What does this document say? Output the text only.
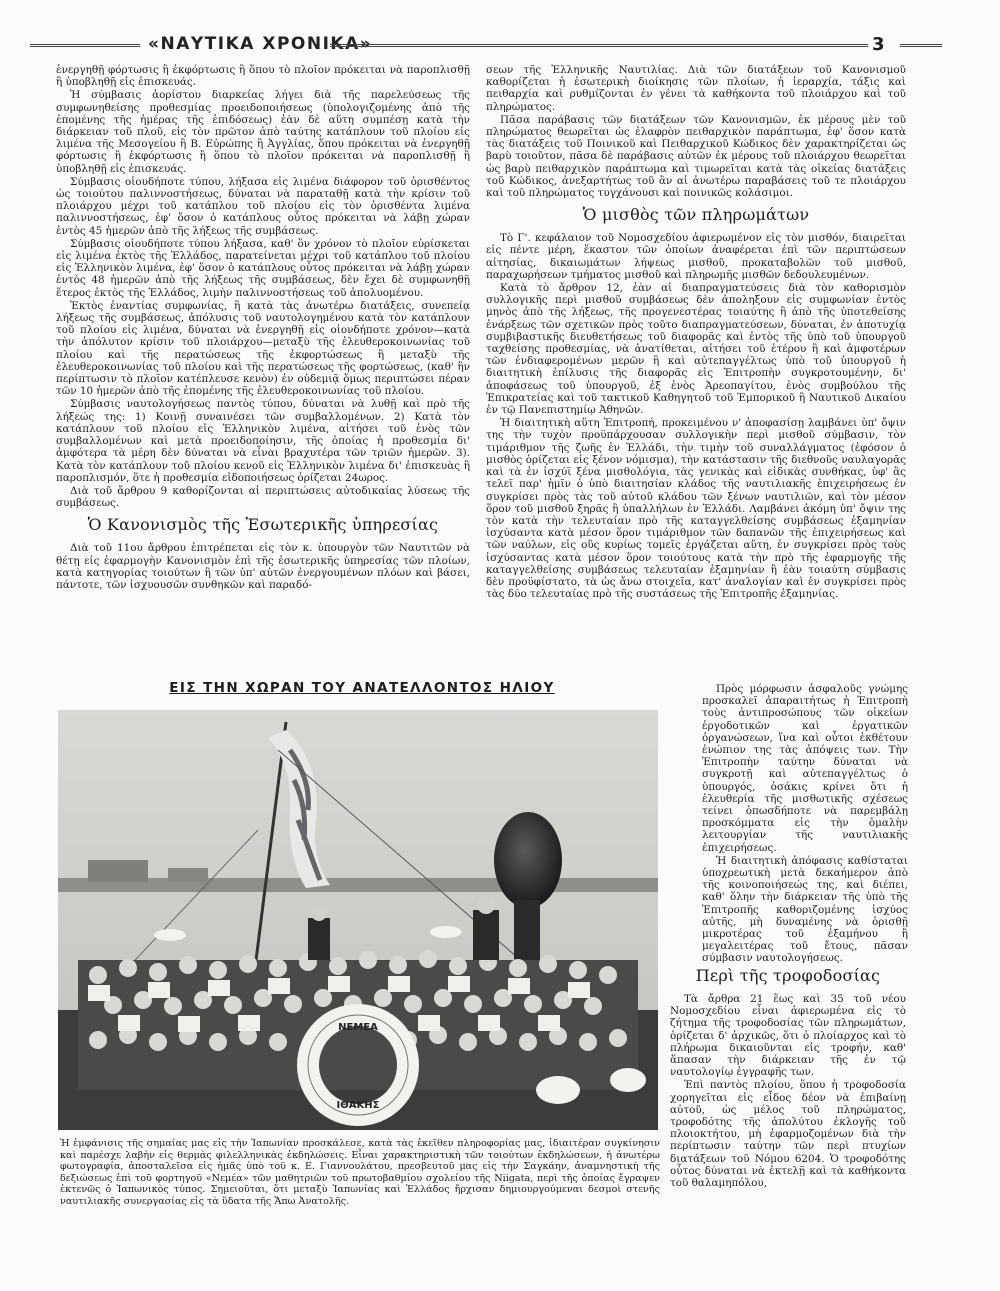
«ΝΑΥΤΙΚΑ ΧΡΟΝΙΚΑ»	3

ἐνεργηθῇ φόρτωσις ἢ ἐκφόρτωσις ἢ ὅπου τὸ πλοῖον πρόκειται νὰ παροπλισθῇ ἢ ὑποβληθῇ εἰς ἐπισκευάς.

Ἡ σύμβασις ἀορίστου διαρκείας λήγει διὰ τῆς παρελεύσεως τῆς συμφωνηθείσης προθεσμίας προειδοποιήσεως (ὑπολογιζομένης ἀπὸ τῆς ἐπομένης τῆς ἡμέρας τῆς ἐπιδόσεως) ἐὰν δὲ αὕτη συμπέσῃ κατὰ τὴν διάρκειαν τοῦ πλοῦ, εἰς τὸν πρῶτον ἀπὸ ταύτης κατάπλουν τοῦ πλοίου εἰς λιμένα τῆς Μεσογείου ἢ Β. Εὐρώπης ἢ Ἀγγλίας, ὅπου πρόκειται νὰ ἐνεργηθῇ φόρτωσις ἢ ἐκφόρτωσις ἢ ὅπου τὸ πλοῖον πρόκειται νὰ παροπλισθῇ ἢ ὑποβληθῇ εἰς ἐπισκευάς.

Σύμβασις οἱουδήποτε τύπου, λήξασα εἰς λιμένα διάφορον τοῦ ὁρισθέντος ὡς τοιούτου παλιννοστήσεως, δύναται νὰ παραταθῇ κατὰ τὴν κρίσιν τοῦ πλοιάρχου μέχρι τοῦ κατάπλου τοῦ πλοίου εἰς τὸν ὁρισθέντα λιμένα παλιννοστήσεως, ἐφ' ὅσον ὁ κατάπλους οὗτος πρόκειται νὰ λάβῃ χώραν ἐντὸς 45 ἡμερῶν ἀπὸ τῆς λήξεως τῆς συμβάσεως.

Σύμβασις οἱουδήποτε τύπου λήξασα, καθ' ὃν χρόνον τὸ πλοῖον εὑρίσκεται εἰς λιμένα ἐκτὸς τῆς Ἑλλάδος, παρατείνεται μέχρι τοῦ κατάπλου τοῦ πλοίου εἰς Ἑλληνικὸν λιμένα, ἐφ' ὅσον ὁ κατάπλους οὗτος πρόκειται νὰ λάβῃ χώραν ἐντὸς 48 ἡμερῶν ἀπὸ τῆς λήξεως τῆς συμβάσεως, δὲν ἔχει δὲ συμφωνηθῇ ἕτερος ἐκτὸς τῆς Ἑλλάδος, λιμὴν παλιννοστήσεως τοῦ ἀπολυομένου.

Ἐκτὸς ἐναντίας συμφωνίας, ἢ κατὰ τὰς ἀνωτέρω διατάξεις, συνεπείᾳ λήξεως τῆς συμβάσεως, ἀπόλυσις τοῦ ναυτολογημένου κατὰ τὸν κατάπλουν τοῦ πλοίου εἰς λιμένα, δύναται νὰ ἐνεργηθῇ εἰς οἱονδήποτε χρόνον—κατὰ τὴν ἀπόλυτον κρίσιν τοῦ πλοιάρχου—μεταξὺ τῆς ἐλευθεροκοινωνίας τοῦ πλοίου καὶ τῆς περατώσεως τῆς ἐκφορτώσεως ἢ μεταξὺ τῆς ἐλευθεροκοινωνίας τοῦ πλοίου καὶ τῆς περατώσεως τῆς φορτώσεως, (καθ' ἣν περίπτωσιν τὸ πλοῖον κατέπλευσε κενὸν) ἐν οὐδεμιᾷ ὅμως περιπτώσει πέραν τῶν 10 ἡμερῶν ἀπὸ τῆς ἐπομένης τῆς ἐλευθεροκοινωνίας τοῦ πλοίου.

Σύμβασις ναυτολογήσεως παντὸς τύπου, δύναται νὰ λυθῇ καὶ πρὸ τῆς λήξεώς της: 1) Κοινῇ συναινέσει τῶν συμβαλλομένων. 2) Κατὰ τὸν κατάπλουν τοῦ πλοίου εἰς Ἑλληνικὸν λιμένα, αἰτήσει τοῦ ἑνὸς τῶν συμβαλλομένων καὶ μετὰ προειδοποίησιν, τῆς ὁποίας ἡ προθεσμία δι' ἀμφότερα τὰ μέρη δὲν δύναται νὰ εἶναι βραχυτέρα τῶν τριῶν ἡμερῶν. 3). Κατὰ τὸν κατάπλουν τοῦ πλοίου κενοῦ εἰς Ἑλληνικὸν λιμένα δι' ἐπισκευὰς ἢ παροπλισμόν, ὅτε ἡ προθεσμία εἰδοποιήσεως ὁρίζεται 24ωρος.

Διὰ τοῦ ἄρθρου 9 καθορίζονται αἱ περιπτώσεις αὐτοδικαίας λύσεως τῆς συμβάσεως.

Ὁ Κανονισμὸς τῆς Ἐσωτερικῆς ὑπηρεσίας

Διὰ τοῦ 11ου ἄρθρου ἐπιτρέπεται εἰς τὸν κ. ὑπουργὸν τῶν Ναυτιτῶν νὰ θέτῃ εἰς ἐφαρμογὴν Κανονισμὸν ἐπὶ τῆς ἐσωτερικῆς ὑπηρεσίας τῶν πλοίων, κατὰ κατηγορίας τοιούτων ἢ τῶν ὑπ' αὐτῶν ἐνεργουμένων πλόων καὶ βάσει, πάντοτε, τῶν ἰσχυουσῶν συνθηκῶν καὶ παραδό-

σεων τῆς Ἑλληνικῆς Ναυτιλίας. Διὰ τῶν διατάξεων τοῦ Κανονισμοῦ καθορίζεται ἡ ἐσωτερικὴ διοίκησις τῶν πλοίων, ἡ ἱεραρχία, τάξις καὶ πειθαρχία καὶ ρυθμίζονται ἐν γένει τὰ καθήκοντα τοῦ πλοιάρχου καὶ τοῦ πληρώματος.

Πᾶσα παράβασις τῶν διατάξεων τῶν Κανονισμῶν, ἐκ μέρους μὲν τοῦ πληρώματος θεωρεῖται ὡς ἐλαφρὸν πειθαρχικὸν παράπτωμα, ἐφ' ὅσον κατὰ τὰς διατάξεις τοῦ Ποινικοῦ καὶ Πειθαρχικοῦ Κώδικος δὲν χαρακτηρίζεται ὡς βαρὺ τοιοῦτον, πᾶσα δὲ παράβασις αὐτῶν ἐκ μέρους τοῦ πλοιάρχου θεωρεῖται ὡς βαρὺ πειθαρχικὸν παράπτωμα καὶ τιμωρεῖται κατὰ τὰς οἰκείας διατάξεις τοῦ Κώδικος, ἀνεξαρτήτως τοῦ ἂν αἱ ἀνωτέρω παραβάσεις τοῦ τε πλοιάρχου καὶ τοῦ πληρώματος τυγχάνουσι καὶ ποινικῶς κολάσιμοι.

Ὁ μισθὸς τῶν πληρωμάτων

Τὸ Γ'. κεφάλαιον τοῦ Νομοσχεδίου ἀφιερωμένον εἰς τὸν μισθόν, διαιρεῖται εἰς πέντε μέρη, ἕκαστον τῶν ὁποίων ἀναφέρεται ἐπὶ τῶν περιπτώσεων αἰτησίας, δικαιωμάτων λήψεως μισθοῦ, προκαταβολῶν τοῦ μισθοῦ, παραχωρήσεων τμήματος μισθοῦ καὶ πληρωμῆς μισθῶν δεδουλευμένων.

Κατὰ τὸ ἄρθρον 12, ἐὰν αἱ διαπραγματεύσεις διὰ τὸν καθορισμὸν συλλογικῆς περὶ μισθοῦ συμβάσεως δὲν ἀποληξουν εἰς συμφωνίαν ἐντὸς μηνὸς ἀπὸ τῆς λήξεως, τῆς προγενεστέρας τοιαύτης ἢ ἀπὸ τῆς ὑποτεθείσης ἐνάρξεως τῶν σχετικῶν πρὸς τοῦτο διαπραγματεύσεων, δύναται, ἐν ἀποτυχίᾳ συμβιβαστικῆς διευθετήσεως τοῦ διαφορᾶς καὶ ἐντὸς τῆς ὑπὸ τοῦ ὑπουργοῦ ταχθείσης προθεσμίας, νὰ ἀνατίθεται, αἰτήσει τοῦ ἑτέρου ἢ καὶ ἀμφοτέρων τῶν ἐνδιαφερομένων μερῶν ἢ καὶ αὐτεπαγγέλτως ὑπὸ τοῦ ὑπουργοῦ ἡ διαιτητικὴ ἐπίλυσις τῆς διαφορᾶς εἰς Ἐπιτροπὴν συγκροτουμένην, δι' ἀποφάσεως τοῦ ὑπουργοῦ, ἐξ ἑνὸς Ἀρεοπαγίτου, ἑνὸς συμβούλου τῆς Ἐπικρατείας καὶ τοῦ τακτικοῦ Καθηγητοῦ τοῦ Ἐμπορικοῦ ἢ Ναυτικοῦ Δικαίου ἐν τῷ Πανεπιστημίῳ Ἀθηνῶν.

Ἡ διαιτητικὴ αὕτη Ἐπιτροπή, προκειμένου ν' ἀποφασίσῃ λαμβάνει ὑπ' ὄψιν της τὴν τυχὸν προϋπάρχουσαν συλλογικὴν περὶ μισθοῦ σύμβασιν, τὸν τιμάριθμον τῆς ζωῆς ἐν Ἑλλάδι, τὴν τιμὴν τοῦ συναλλάγματος (ἐφόσον ὁ μισθὸς ὁρίζεται εἰς ξένον νόμισμα), τὴν κατάστασιν τῆς διεθνοῦς ναυλαγορᾶς καὶ τὰ ἐν ἰσχύϊ ξένα μισθολόγια, τὰς γενικὰς καὶ εἰδικὰς συνθήκας, ὑφ' ἃς τελεῖ παρ' ἡμῖν ὁ ὑπὸ διαιτησίαν κλάδος τῆς ναυτιλιακῆς ἐπιχειρήσεως ἐν συγκρίσει πρὸς τὰς τοῦ αὐτοῦ κλάδου τῶν ξένων ναυτιλιῶν, καὶ τὸν μέσον ὅρον τοῦ μισθοῦ ξηρᾶς ἢ ὑπαλλήλων ἐν Ἑλλάδι. Λαμβάνει ἀκόμη ὑπ' ὄψιν της τὸν κατὰ τὴν τελευταίαν πρὸ τῆς καταγγελθείσης συμβάσεως ἑξαμηνίαν ἰσχύσαντα κατὰ μέσον ὅρον τιμάριθμον τῶν δαπανῶν τῆς ἐπιχειρήσεως καὶ τῶν ναύλων, εἰς οὓς κυρίως τομεῖς ἐργάζεται αὕτη, ἐν συγκρίσει πρὸς τοὺς ἰσχύσαντας κατὰ μέσον ὅρον τοιούτους κατὰ τὴν πρὸ τῆς ἐφαρμογῆς τῆς καταγγελθείσης συμβάσεως τελευταίαν ἑξαμηνίαν ἢ ἐὰν τοιαύτη σύμβασις δὲν προϋφίστατο, τὰ ὡς ἄνω στοιχεῖα, κατ' ἀναλογίαν καὶ ἐν συγκρίσει πρὸς τὰς δύο τελευταίας πρὸ τῆς συστάσεως τῆς Ἐπιτροπῆς ἑξαμηνίας.

Πρὸς μόρφωσιν ἀσφαλοῦς γνώμης προσκαλεῖ ἀπαραιτήτως ἡ Ἐπιτροπὴ τοὺς ἀντιπροσώπους τῶν οἰκείων ἐργοδοτικῶν καὶ ἐργατικῶν ὀργανώσεων, ἵνα καὶ οὗτοι ἐκθέτουν ἐνώπιον της τὰς ἀπόψεις των. Τὴν Ἐπιτροπὴν ταύτην δύναται νὰ συγκροτῇ καὶ αὐτεπαγγέλτως ὁ ὑπουργός, ὁσάκις κρίνει ὅτι ἡ ἐλευθερία τῆς μισθωτικῆς σχέσεως τείνει ὁπωσδήποτε νὰ παρεμβάλῃ προσκόμματα εἰς τὴν ὁμαλὴν λειτουργίαν τῆς ναυτιλιακῆς ἐπιχειρήσεως.

Ἡ διαιτητικὴ ἀπόφασις καθίσταται ὑποχρεωτικὴ μετὰ δεκαήμερον ἀπὸ τῆς κοινοποιήσεώς της, καὶ διέπει, καθ' ὅλην τὴν διάρκειαν τῆς ὑπὸ τῆς Ἐπιτροπῆς καθοριζομένης ἰσχύος αὐτῆς, μὴ δυναμένης νὰ ὁρισθῇ μικροτέρας τοῦ ἑξαμήνου ἢ μεγαλειτέρας τοῦ ἔτους, πᾶσαν σύμβασιν ναυτολογήσεως.

Περὶ τῆς τροφοδοσίας

Τὰ ἄρθρα 21 ἕως καὶ 35 τοῦ νέου Νομοσχεδίου εἶναι ἀφιερωμένα εἰς τὸ ζήτημα τῆς τροφοδοσίας τῶν πληρωμάτων, ὁρίζεται δ' ἀρχικῶς, ὅτι ὁ πλοίαρχος καὶ τὸ πλήρωμα δικαιοῦνται εἰς τροφήν, καθ' ἅπασαν τὴν διάρκειαν τῆς ἐν τῷ ναυτολογίῳ ἐγγραφῆς των.

Ἐπὶ παντὸς πλοίου, ὅπου ἡ τροφοδοσία χορηγεῖται εἰς εἶδος δέον νὰ ἐπιβαίνῃ αὐτοῦ, ὡς μέλος τοῦ πληρώματος, τροφοδότης τῆς ἀπολύτου ἐκλογῆς τοῦ πλοιοκτήτου, μὴ ἐφαρμοζομένων διὰ τὴν περίπτωσιν ταύτην τῶν περὶ πτυχίων διατάξεων τοῦ Νόμου 6204. Ὁ τροφοδότης οὗτος δύναται νὰ ἐκτελῇ καὶ τὰ καθήκοντα τοῦ θαλαμηπόλου,

ΕΙΣ ΤΗΝ ΧΩΡΑΝ ΤΟΥ ΑΝΑΤΕΛΛΟΝΤΟΣ ΗΛΙΟΥ
ΝΕΜΕΑ
ΙΘΑΚΗΣ
Ἡ ἐμφάνισις τῆς σημαίας μας εἰς τὴν Ἰαπωνίαν προσκάλεσε, κατὰ τὰς ἐκεῖθεν πληροφορίας μας, ἰδιαιτέραν συγκίνησιν καὶ παρέσχε λαβὴν εἰς θερμὰς φιλελληνικὰς ἐκδηλώσεις. Εἶναι χαρακτηριστικὴ τῶν τοιούτων ἐκδηλώσεων, ἡ ἀνωτέρω φωτογραφία, ἀποσταλεῖσα εἰς ἡμᾶς ὑπὸ τοῦ κ. Ε. Γιαννουλάτου, πρεσβευτοῦ μας εἰς τὴν Σαγκάην, ἀναμνηστικὴ τῆς δεξιώσεως ἐπὶ τοῦ φορτηγοῦ «Νεμέα» τῶν μαθητριῶν τοῦ πρωτοβαθμίου σχολείου τῆς Niigata, περὶ τῆς ὁποίας ἔγραψεν ἐκτενῶς ὁ Ἰαπωνικὸς τύπος. Σημειοῦται, ὅτι μεταξὺ Ἰαπωνίας καὶ Ἑλλάδος ἤρχισαν δημιουργούμεναι δεσμοὶ στενῆς ναυτιλιακῆς συνεργασίας εἰς τὰ ὕδατα τῆς Ἄπω Ἀνατολῆς.
